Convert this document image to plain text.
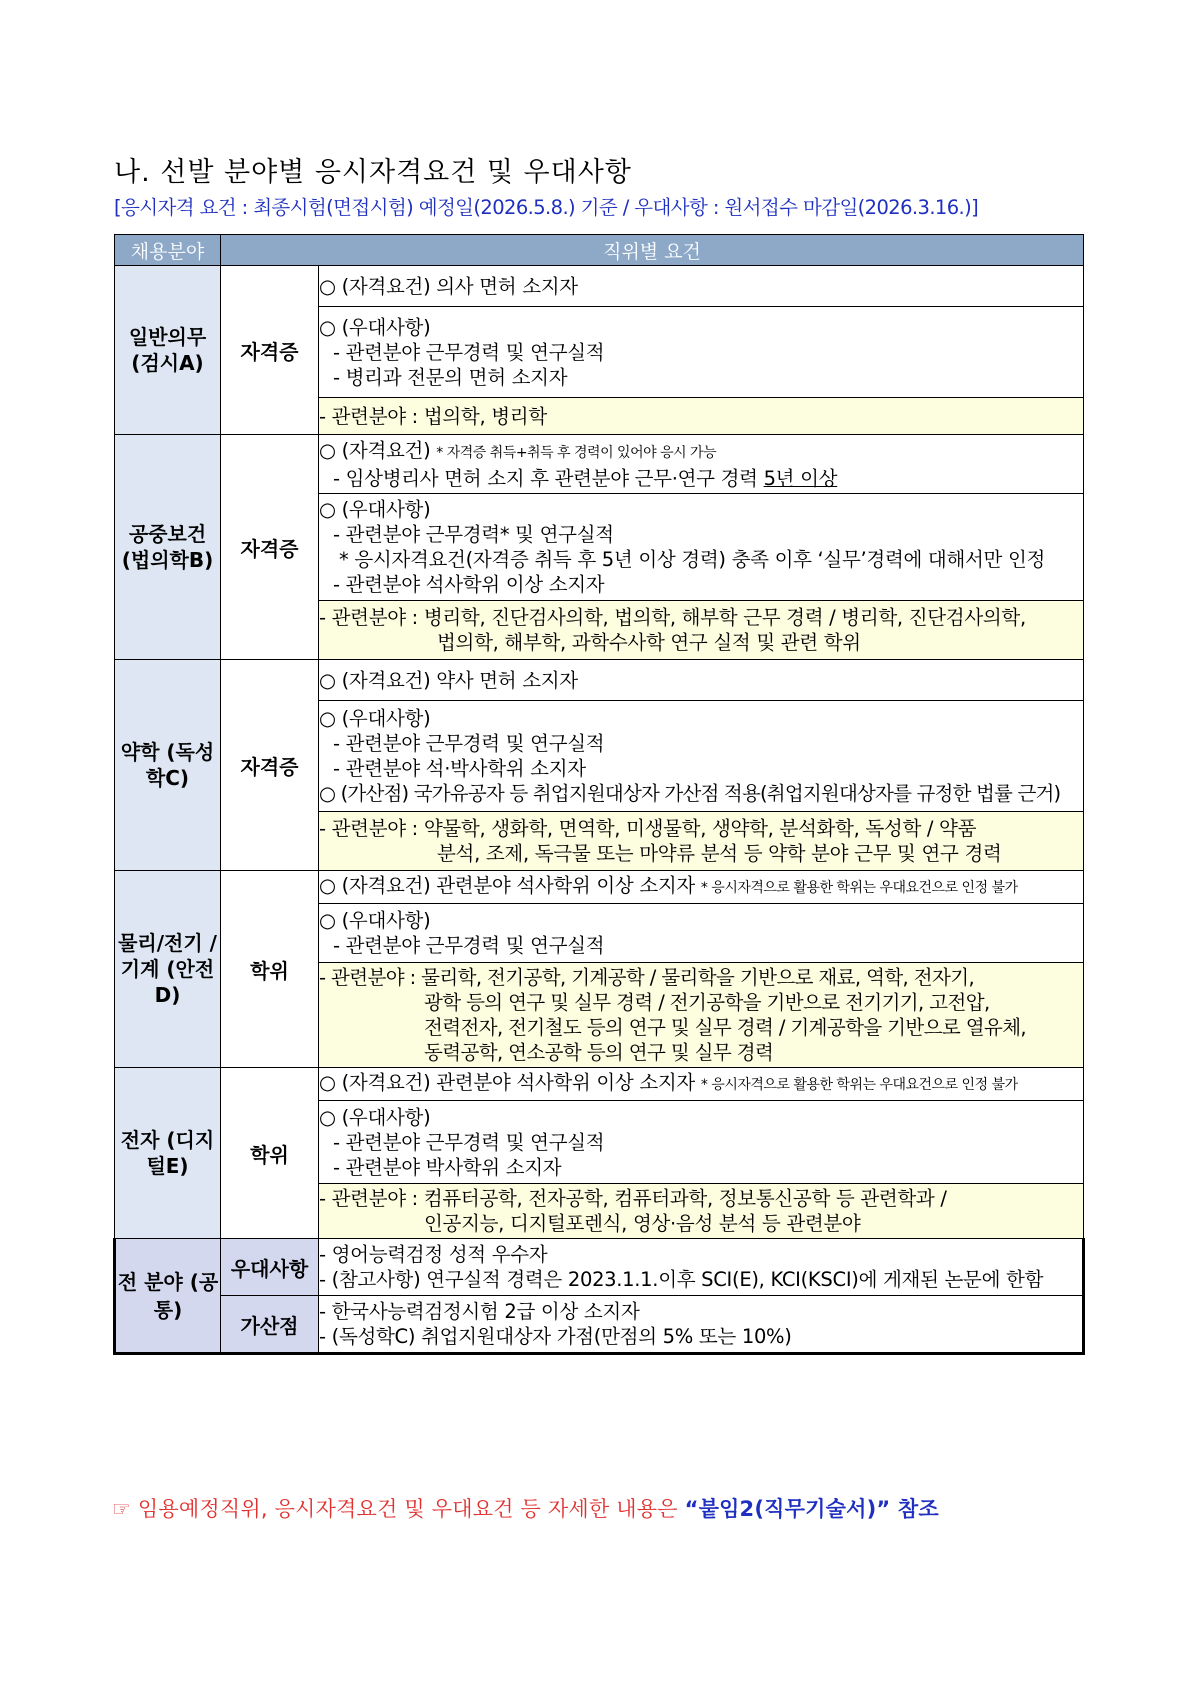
나. 선발 분야별 응시자격요건 및 우대사항
[응시자격 요건 : 최종시험(면접시험) 예정일(2026.5.8.) 기준 / 우대사항 : 원서접수 마감일(2026.3.16.)]
채용분야	직위별 요건	
일반의무 (검시A)	자격증	○ (자격요건) 의사 면허 소지자

		○ (우대사항)
- 관련분야 근무경력 및 연구실적
- 병리과 전문의 면허 소지자

		- 관련분야 : 법의학, 병리학
공중보건 (법의학B)	자격증	○ (자격요건) * 자격증 취득+취득 후 경력이 있어야 응시 가능
- 임상병리사 면허 소지 후 관련분야 근무·연구 경력 5년 이상

		○ (우대사항)
- 관련분야 근무경력* 및 연구실적
* 응시자격요건(자격증 취득 후 5년 이상 경력) 충족 이후 ‘실무’경력에 대해서만 인정
- 관련분야 석사학위 이상 소지자

		- 관련분야 : 병리학, 진단검사의학, 법의학, 해부학 근무 경력 / 병리학, 진단검사의학,
법의학, 해부학, 과학수사학 연구 실적 및 관련 학위

약학 (독성학C)	자격증	○ (자격요건) 약사 면허 소지자

		○ (우대사항)
- 관련분야 근무경력 및 연구실적
- 관련분야 석·박사학위 소지자
○ (가산점) 국가유공자 등 취업지원대상자 가산점 적용(취업지원대상자를 규정한 법률 근거)

		- 관련분야 : 약물학, 생화학, 면역학, 미생물학, 생약학, 분석화학, 독성학 / 약품
분석, 조제, 독극물 또는 마약류 분석 등 약학 분야 근무 및 연구 경력

물리/전기 /기계 (안전D)	학위	○ (자격요건) 관련분야 석사학위 이상 소지자 * 응시자격으로 활용한 학위는 우대요건으로 인정 불가

		○ (우대사항)
- 관련분야 근무경력 및 연구실적

		- 관련분야 : 물리학, 전기공학, 기계공학 / 물리학을 기반으로 재료, 역학, 전자기,
광학 등의 연구 및 실무 경력 / 전기공학을 기반으로 전기기기, 고전압,
전력전자, 전기철도 등의 연구 및 실무 경력 / 기계공학을 기반으로 열유체,
동력공학, 연소공학 등의 연구 및 실무 경력

전자 (디지털E)	학위	○ (자격요건) 관련분야 석사학위 이상 소지자 * 응시자격으로 활용한 학위는 우대요건으로 인정 불가

		○ (우대사항)
- 관련분야 근무경력 및 연구실적
- 관련분야 박사학위 소지자

		- 관련분야 : 컴퓨터공학, 전자공학, 컴퓨터과학, 정보통신공학 등 관련학과 /
인공지능, 디지털포렌식, 영상·음성 분석 등 관련분야

전 분야 (공통)	우대사항	- 영어능력검정 성적 우수자
- (참고사항) 연구실적 경력은 2023.1.1.이후 SCI(E), KCI(KSCI)에 게재된 논문에 한함

	가산점	- 한국사능력검정시험 2급 이상 소지자
- (독성학C) 취업지원대상자 가점(만점의 5% 또는 10%)
☞ 임용예정직위, 응시자격요건 및 우대요건 등 자세한 내용은 “붙임2(직무기술서)” 참조
